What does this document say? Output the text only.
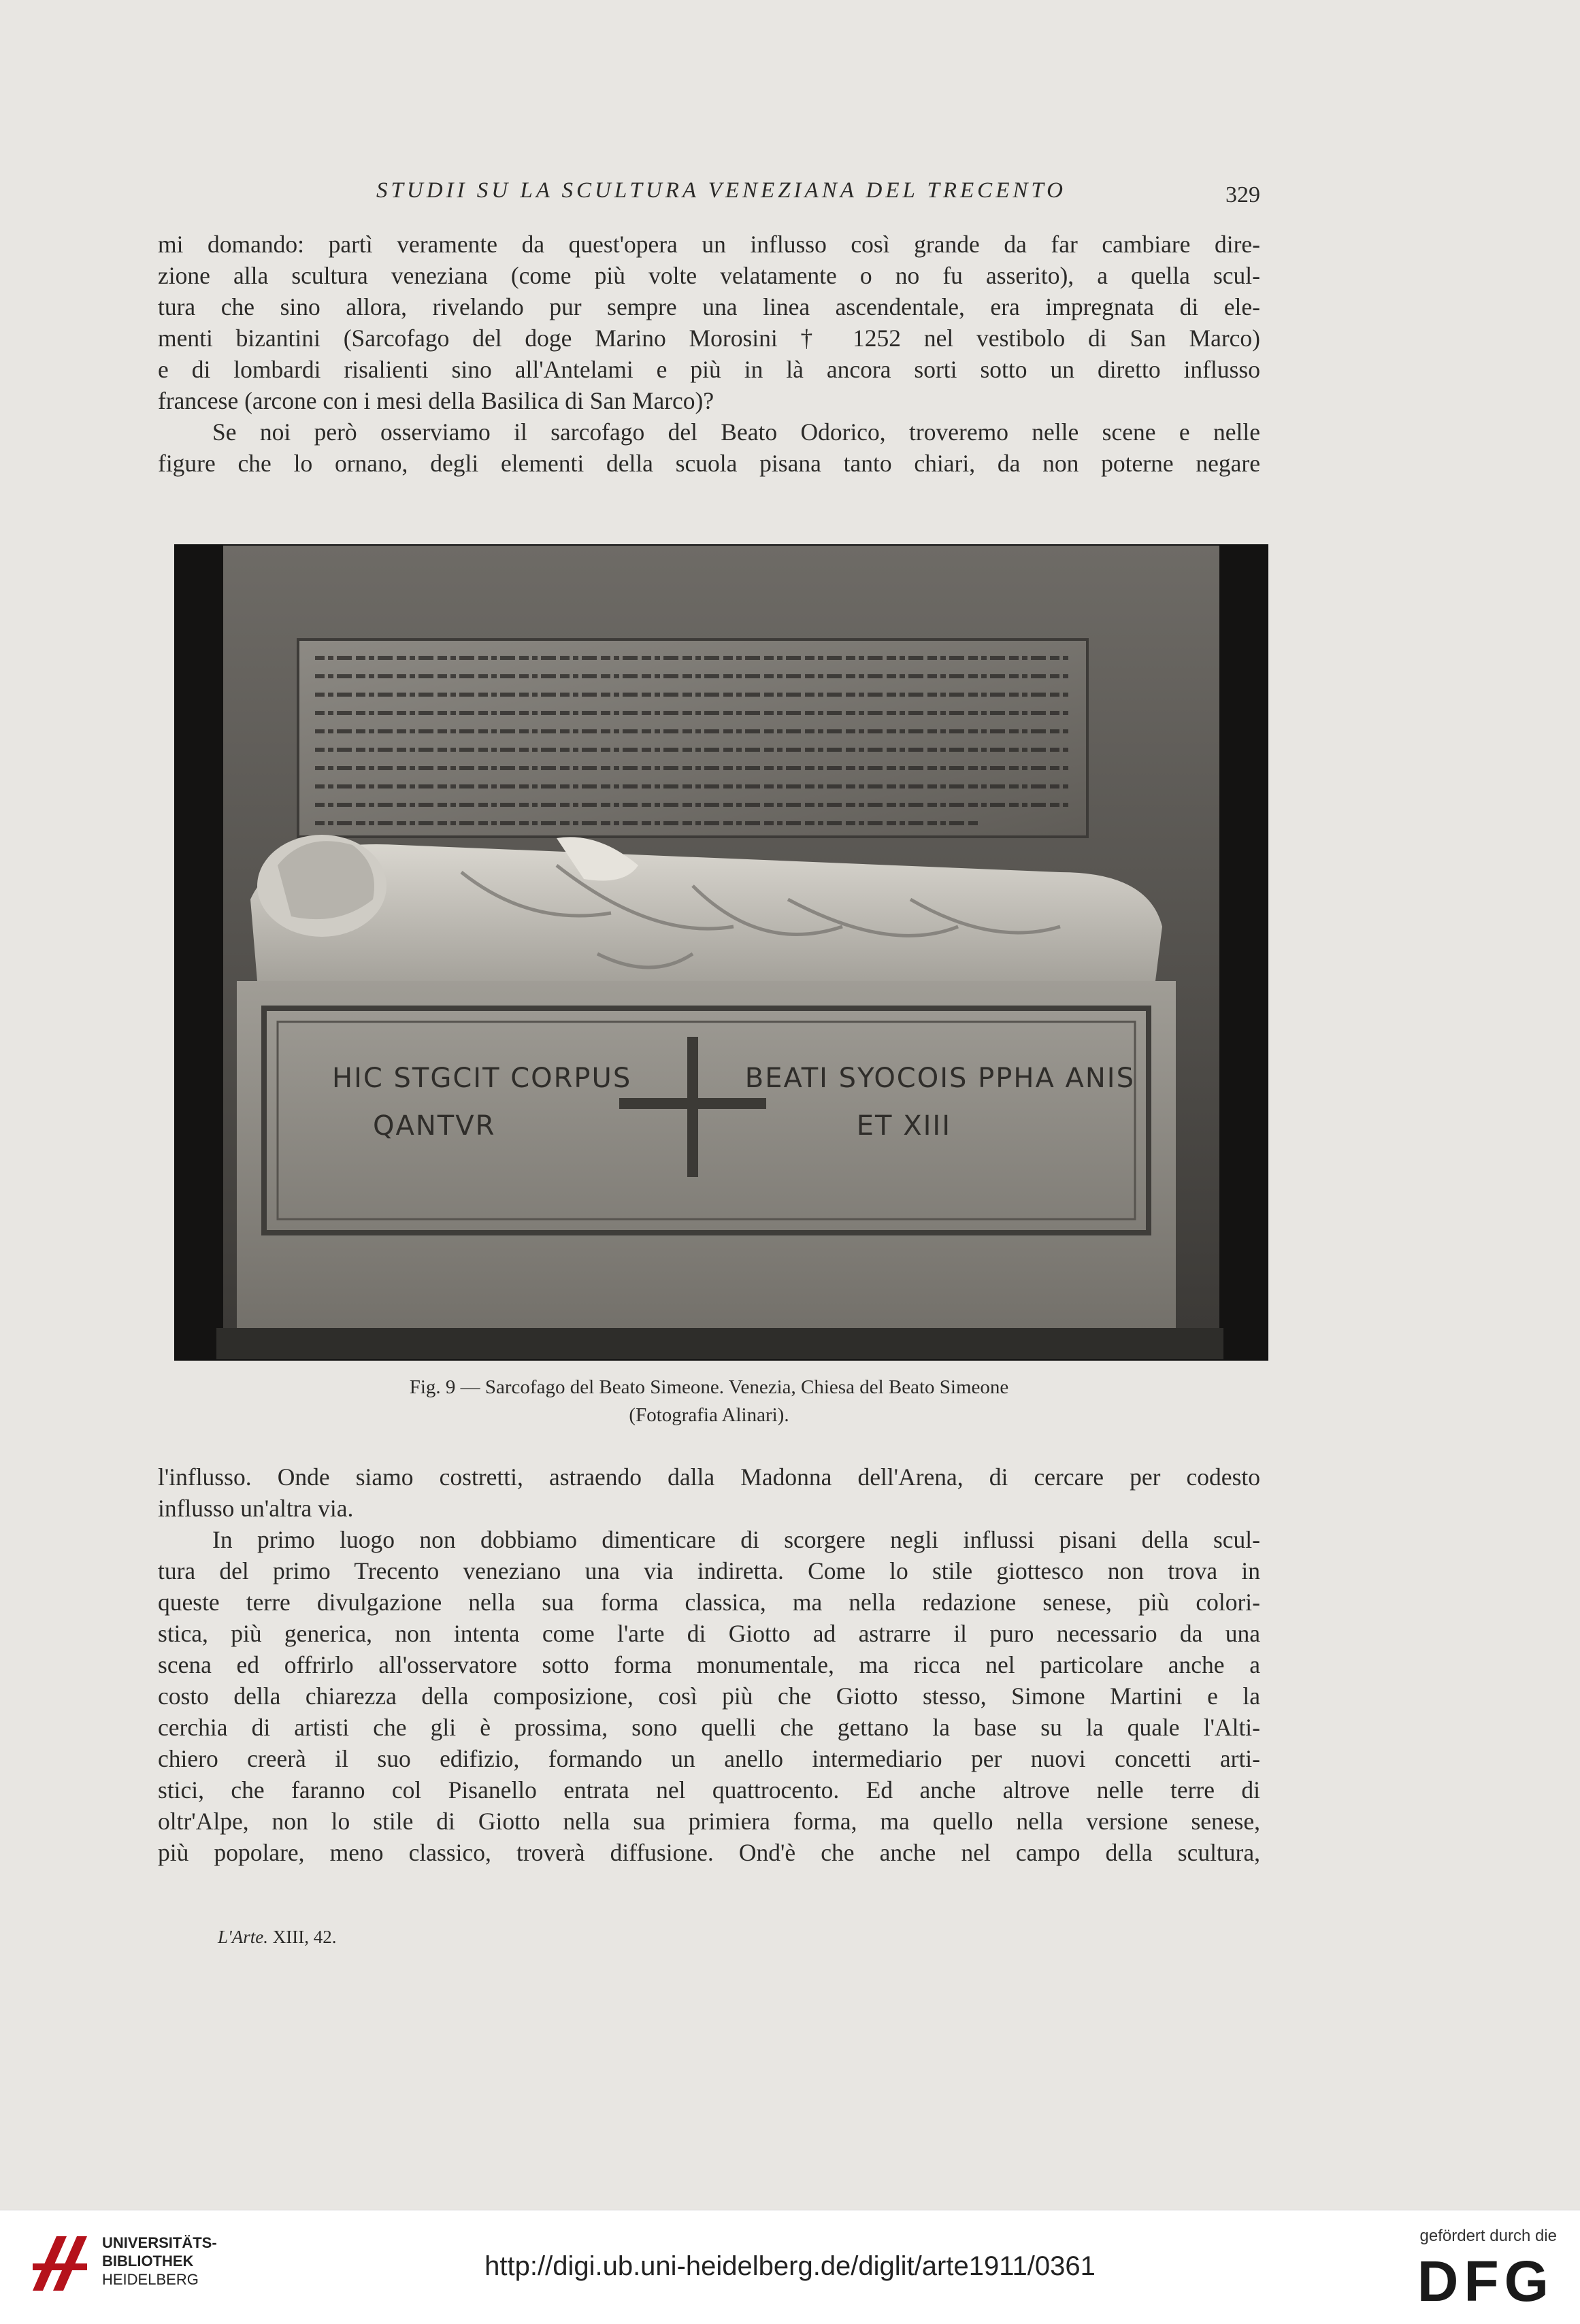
STUDII SU LA SCULTURA VENEZIANA DEL TRECENTO	329
mi domando: partì veramente da quest'opera un influsso così grande da far cambiare dire-
zione alla scultura veneziana (come più volte velatamente o no fu asserito), a quella scul-
tura che sino allora, rivelando pur sempre una linea ascendentale, era impregnata di ele-
menti bizantini (Sarcofago del doge Marino Morosini † 1252 nel vestibolo di San Marco)
e di lombardi risalienti sino all'Antelami e più in là ancora sorti sotto un diretto influsso
francese (arcone con i mesi della Basilica di San Marco)?
Se noi però osserviamo il sarcofago del Beato Odorico, troveremo nelle scene e nelle
figure che lo ornano, degli elementi della scuola pisana tanto chiari, da non poterne negare
HIC STGCIT CORPUS	BEATI SYOCOIS PPHA ANIS
QANTVR	ET XIII
Fig. 9 — Sarcofago del Beato Simeone. Venezia, Chiesa del Beato Simeone
(Fotografia Alinari).
l'influsso. Onde siamo costretti, astraendo dalla Madonna dell'Arena, di cercare per codesto
influsso un'altra via.
In primo luogo non dobbiamo dimenticare di scorgere negli influssi pisani della scul-
tura del primo Trecento veneziano una via indiretta. Come lo stile giottesco non trova in
queste terre divulgazione nella sua forma classica, ma nella redazione senese, più colori-
stica, più generica, non intenta come l'arte di Giotto ad astrarre il puro necessario da una
scena ed offrirlo all'osservatore sotto forma monumentale, ma ricca nel particolare anche a
costo della chiarezza della composizione, così più che Giotto stesso, Simone Martini e la
cerchia di artisti che gli è prossima, sono quelli che gettano la base su la quale l'Alti-
chiero creerà il suo edifizio, formando un anello intermediario per nuovi concetti arti-
stici, che faranno col Pisanello entrata nel quattrocento. Ed anche altrove nelle terre di
oltr'Alpe, non lo stile di Giotto nella sua primiera forma, ma quello nella versione senese,
più popolare, meno classico, troverà diffusione. Ond'è che anche nel campo della scultura,
L'Arte. XIII, 42.
UNIVERSITÄTS-
BIBLIOTHEK
HEIDELBERG	http://digi.ub.uni-heidelberg.de/diglit/arte1911/0361
gefördert durch die
DFG
